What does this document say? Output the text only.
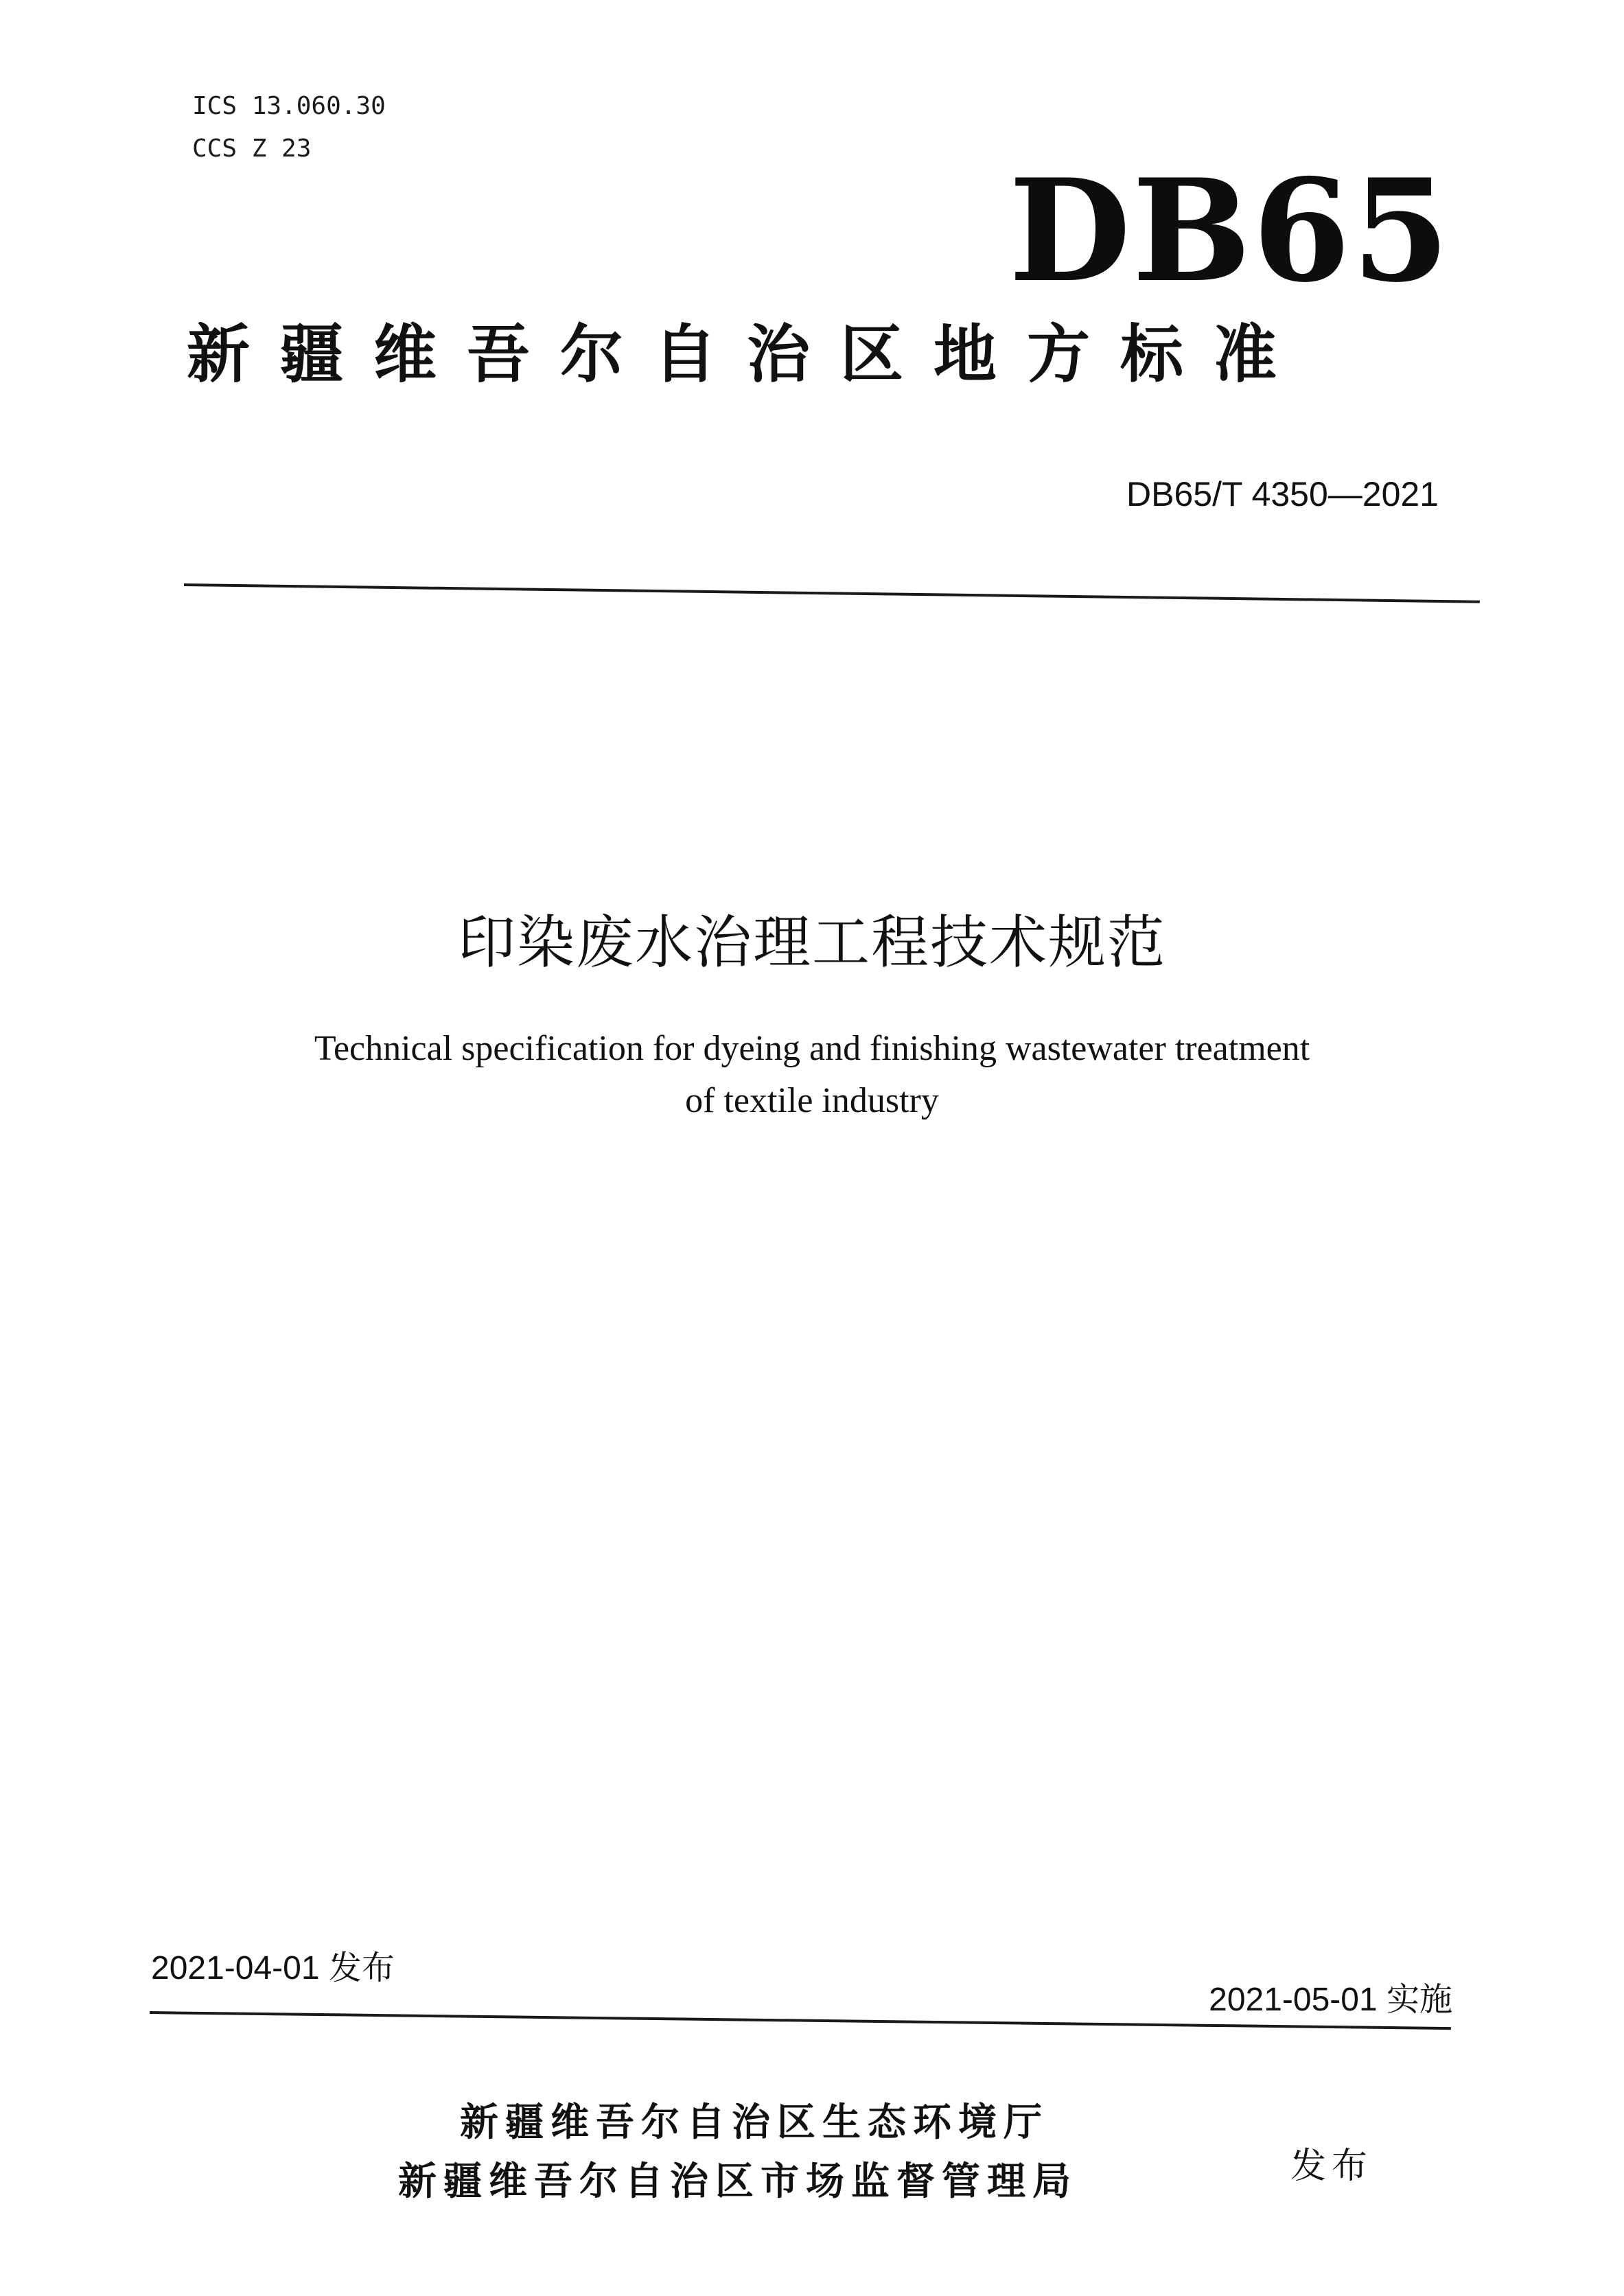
ICS 13.060.30
CCS Z 23
DB65
新疆维吾尔自治区地方标准
DB65/T 4350—2021
印染废水治理工程技术规范
Technical specification for dyeing and finishing wastewater treatment
of textile industry
2021-04-01 发布
2021-05-01 实施
新疆维吾尔自治区生态环境厅
新疆维吾尔自治区市场监督管理局	发布
